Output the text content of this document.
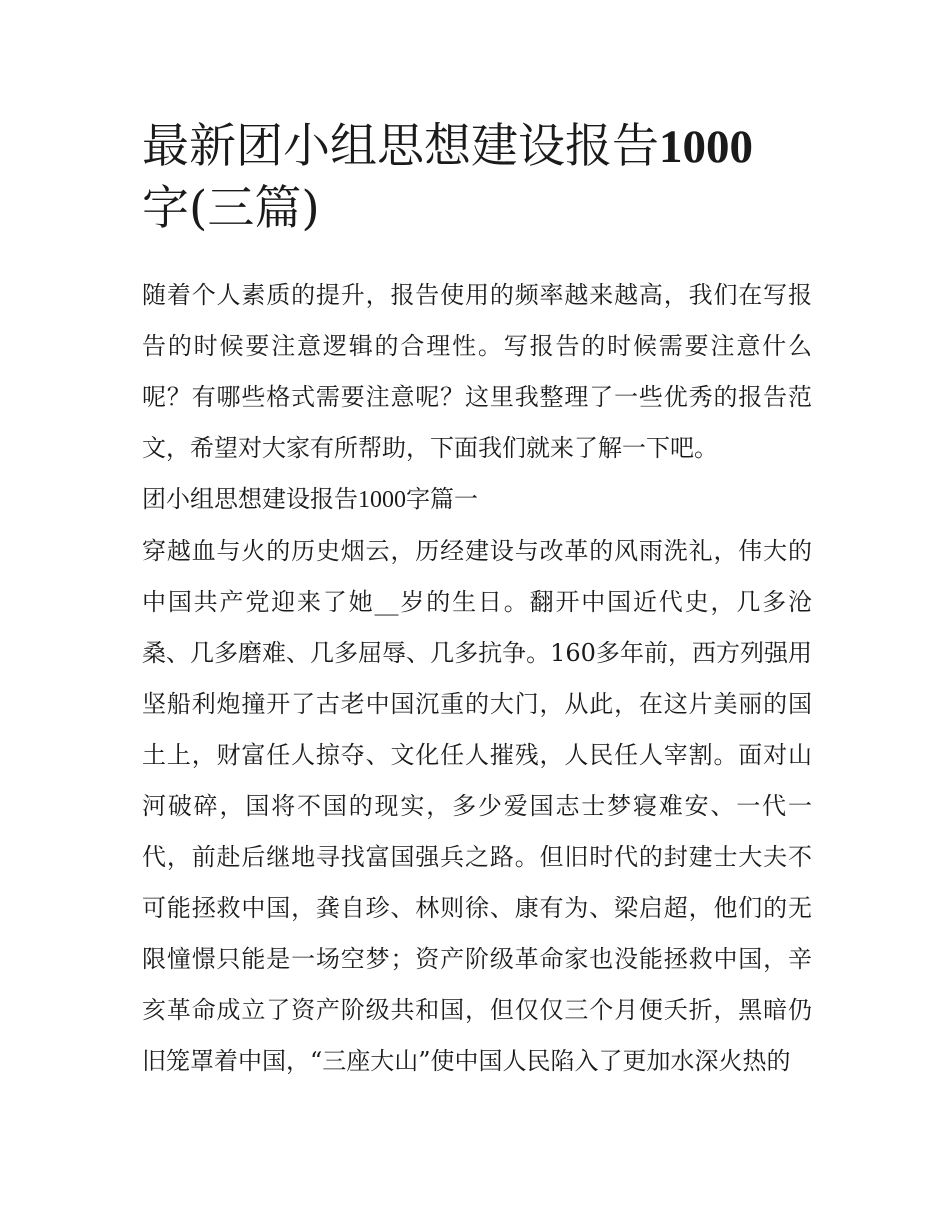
最新团小组思想建设报告1000
字(三篇)

随着个人素质的提升，报告使用的频率越来越高，我们在写报告的时候要注意逻辑的合理性。写报告的时候需要注意什么呢？有哪些格式需要注意呢？这里我整理了一些优秀的报告范文，希望对大家有所帮助，下面我们就来了解一下吧。

团小组思想建设报告1000字篇一

穿越血与火的历史烟云，历经建设与改革的风雨洗礼，伟大的中国共产党迎来了她__岁的生日。翻开中国近代史，几多沧桑、几多磨难、几多屈辱、几多抗争。160多年前，西方列强用坚船利炮撞开了古老中国沉重的大门，从此，在这片美丽的国土上，财富任人掠夺、文化任人摧残，人民任人宰割。面对山河破碎，国将不国的现实，多少爱国志士梦寝难安、一代一代，前赴后继地寻找富国强兵之路。但旧时代的封建士大夫不可能拯救中国，龚自珍、林则徐、康有为、梁启超，他们的无限憧憬只能是一场空梦；资产阶级革命家也没能拯救中国，辛亥革命成立了资产阶级共和国，但仅仅三个月便夭折，黑暗仍旧笼罩着中国，“三座大山”使中国人民陷入了更加水深火热的
